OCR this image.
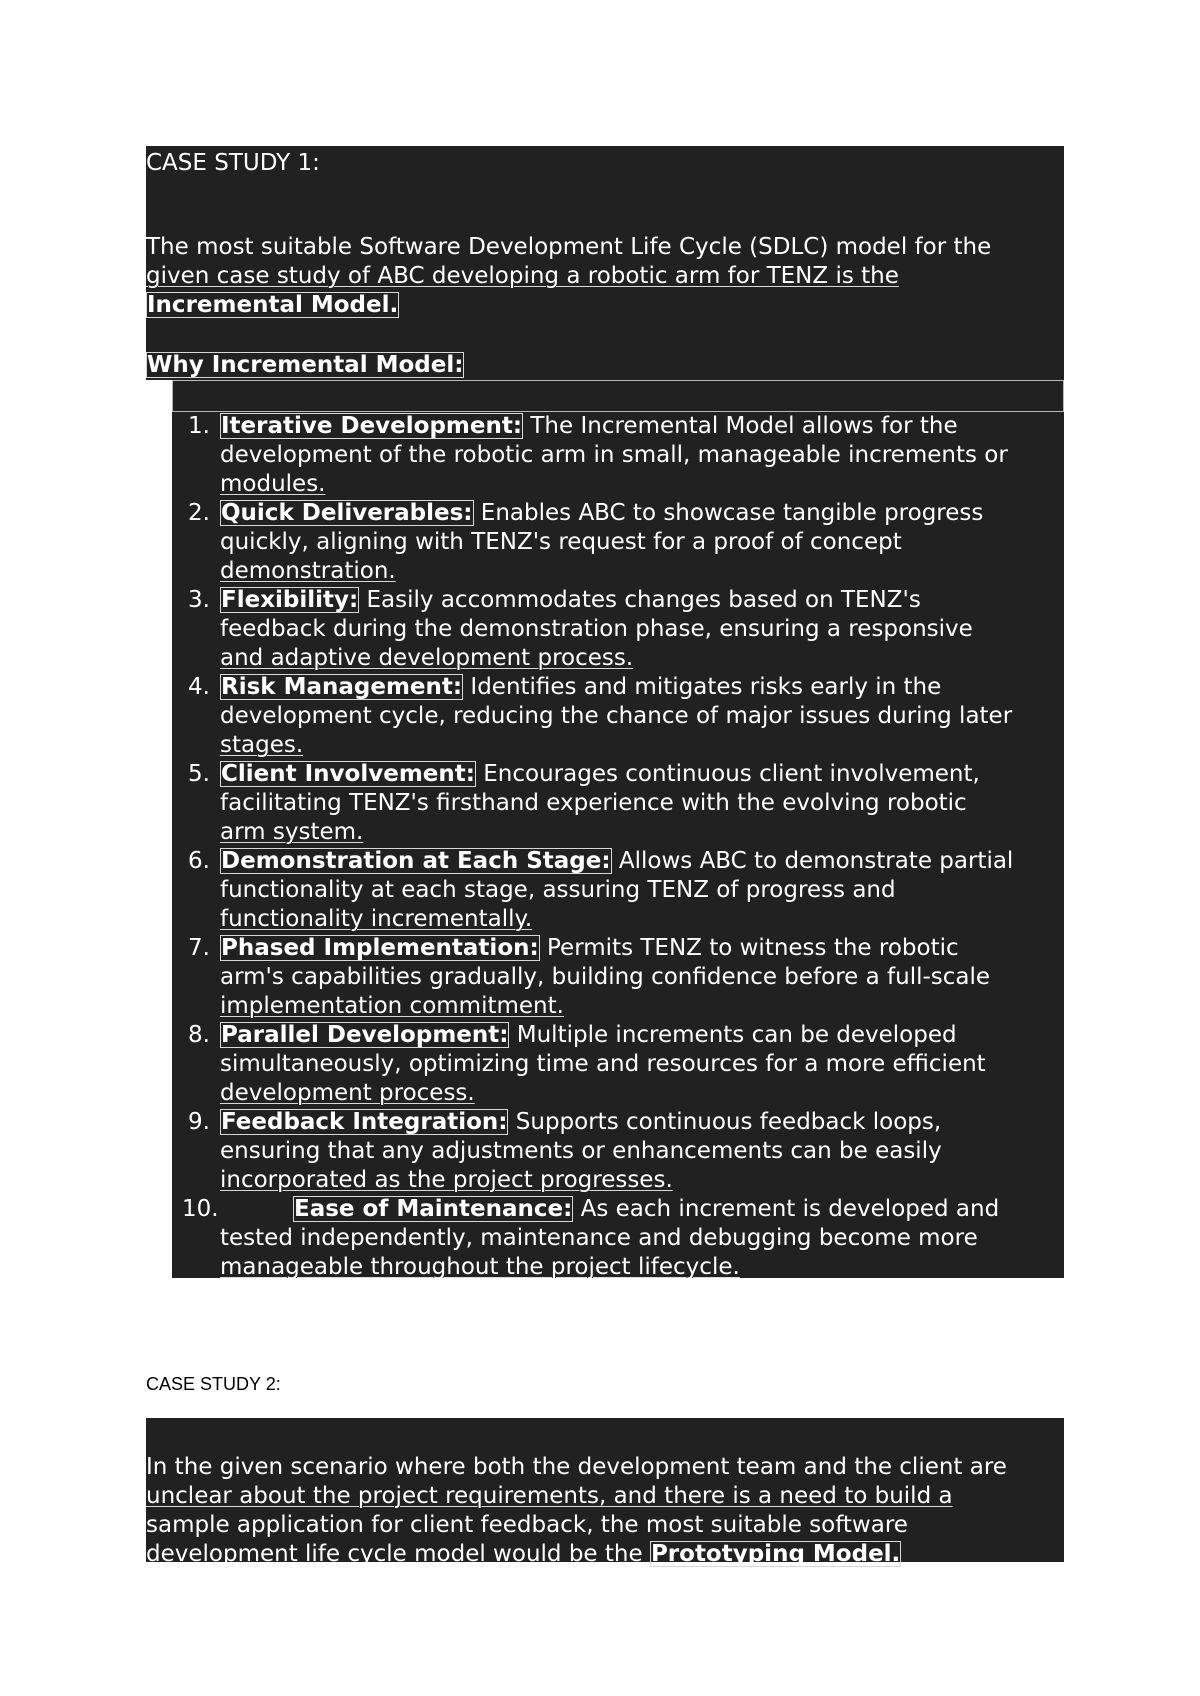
CASE STUDY 1:
The most suitable Software Development Life Cycle (SDLC) model for the
given case study of ABC developing a robotic arm for TENZ is the
Incremental Model.
Why Incremental Model:
1. Iterative Development: The Incremental Model allows for the
development of the robotic arm in small, manageable increments or
modules.
2. Quick Deliverables: Enables ABC to showcase tangible progress
quickly, aligning with TENZ's request for a proof of concept
demonstration.
3. Flexibility: Easily accommodates changes based on TENZ's
feedback during the demonstration phase, ensuring a responsive
and adaptive development process.
4. Risk Management: Identifies and mitigates risks early in the
development cycle, reducing the chance of major issues during later
stages.
5. Client Involvement: Encourages continuous client involvement,
facilitating TENZ's firsthand experience with the evolving robotic
arm system.
6. Demonstration at Each Stage: Allows ABC to demonstrate partial
functionality at each stage, assuring TENZ of progress and
functionality incrementally.
7. Phased Implementation: Permits TENZ to witness the robotic
arm's capabilities gradually, building confidence before a full-scale
implementation commitment.
8. Parallel Development: Multiple increments can be developed
simultaneously, optimizing time and resources for a more efficient
development process.
9. Feedback Integration: Supports continuous feedback loops,
ensuring that any adjustments or enhancements can be easily
incorporated as the project progresses.
10.	Ease of Maintenance: As each increment is developed and
tested independently, maintenance and debugging become more
manageable throughout the project lifecycle.
CASE STUDY 2:
In the given scenario where both the development team and the client are
unclear about the project requirements, and there is a need to build a
sample application for client feedback, the most suitable software
development life cycle model would be the Prototyping Model.
